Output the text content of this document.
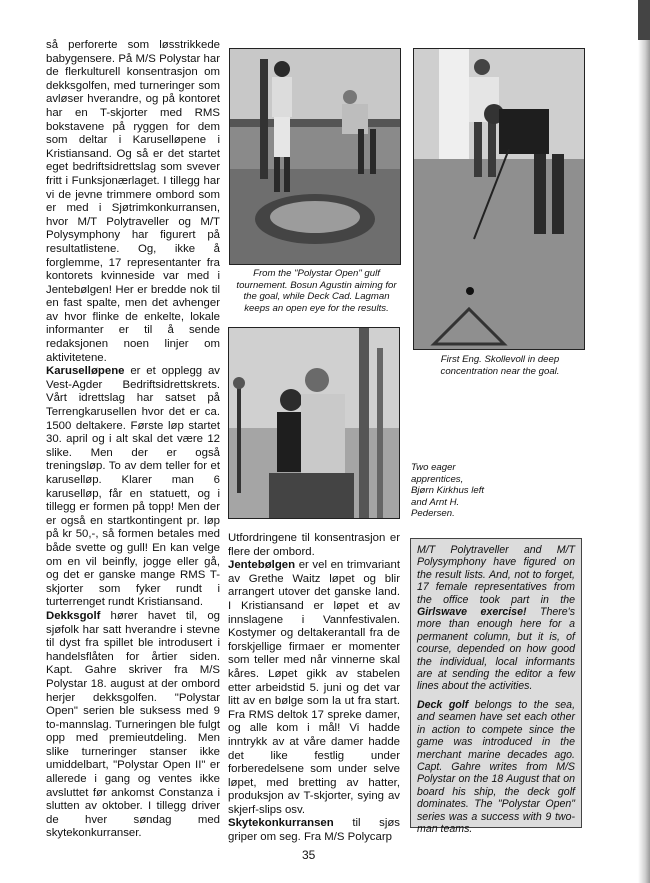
så perforerte som løsstrikkede babygensere. På M/S Polystar har de flerkulturell konsentrasjon om dekksgolfen, med turneringer som avløser hverandre, og på kontoret har en T-skjorter med RMS bokstavene på ryggen for dem som deltar i Karuselløpene i Kristiansand. Og så er det startet eget bedriftsidrettslag som svever fritt i Funksjonærlaget. I tillegg har vi de jevne trimmere ombord som er med i Sjøtrimkonkurransen, hvor M/T Polytraveller og M/T Polysymphony har figurert på resultatlistene. Og, ikke å forglemme, 17 representanter fra kontorets kvinneside var med i Jentebølgen! Her er bredde nok til en fast spalte, men det avhenger av hvor flinke de enkelte, lokale informanter er til å sende redaksjonen noen linjer om aktivitetene.

Karuselløpene er et opplegg av Vest-Agder Bedriftsidrettskrets. Vårt idrettslag har satset på Terrengkarusellen hvor det er ca. 1500 deltakere. Første løp startet 30. april og i alt skal det være 12 slike. Men der er også treningsløp. To av dem teller for et karuselløp. Klarer man 6 karuselløp, får en statuett, og i tillegg er formen på topp! Men der er også en startkontingent pr. løp på kr 50,-, så formen betales med både svette og gull! En kan velge om en vil beinfly, jogge eller gå, og det er ganske mange RMS T-skjorter som fyker rundt i turterrenget rundt Kristiansand.

Dekksgolf hører havet til, og sjøfolk har satt hverandre i stevne til dyst fra spillet ble introdusert i handelsflåten for årtier siden. Kapt. Gahre skriver fra M/S Polystar 18. august at der ombord herjer dekksgolfen. "Polystar Open" serien ble suksess med 9 to-mannslag. Turneringen ble fulgt opp med premieutdeling. Men slike turneringer stanser ikke umiddelbart, "Polystar Open II" er allerede i gang og ventes ikke avsluttet før ankomst Constanza i slutten av oktober. I tillegg driver de hver søndag med skytekonkurranser.

From the "Polystar Open" gulf tournement. Bosun Agustin aiming for the goal, while Deck Cad. Lagman keeps an open eye for the results.
First Eng. Skollevoll in deep concentration near the goal.
Two eager
apprentices,
Bjørn Kirkhus left
and Arnt H.
Pedersen.

Utfordringene til konsentrasjon er flere der ombord.

Jentebølgen er vel en trimvariant av Grethe Waitz løpet og blir arrangert utover det ganske land. I Kristiansand er løpet et av innslagene i Vannfestivalen. Kostymer og deltakerantall fra de forskjellige firmaer er momenter som teller med når vinnerne skal kåres. Løpet gikk av stabelen etter arbeidstid 5. juni og det var litt av en bølge som la ut fra start. Fra RMS deltok 17 spreke damer, og alle kom i mål! Vi hadde inntrykk av at våre damer hadde det like festlig under forberedelsene som under selve løpet, med bretting av hatter, produksjon av T-skjorter, sying av skjerf-slips osv.

Skytekonkurransen til sjøs griper om seg. Fra M/S Polycarp

M/T Polytraveller and M/T Polysymphony have figured on the result lists. And, not to forget, 17 female representatives from the office took part in the Girlswave exercise! There's more than enough here for a permanent column, but it is, of course, depended on how good the individual, local informants are at sending the editor a few lines about the activities.

Deck golf belongs to the sea, and seamen have set each other in action to compete since the game was introduced in the merchant marine decades ago. Capt. Gahre writes from M/S Polystar on the 18 August that on board his ship, the deck golf dominates. The "Polystar Open" series was a success with 9 two-man teams.

35
